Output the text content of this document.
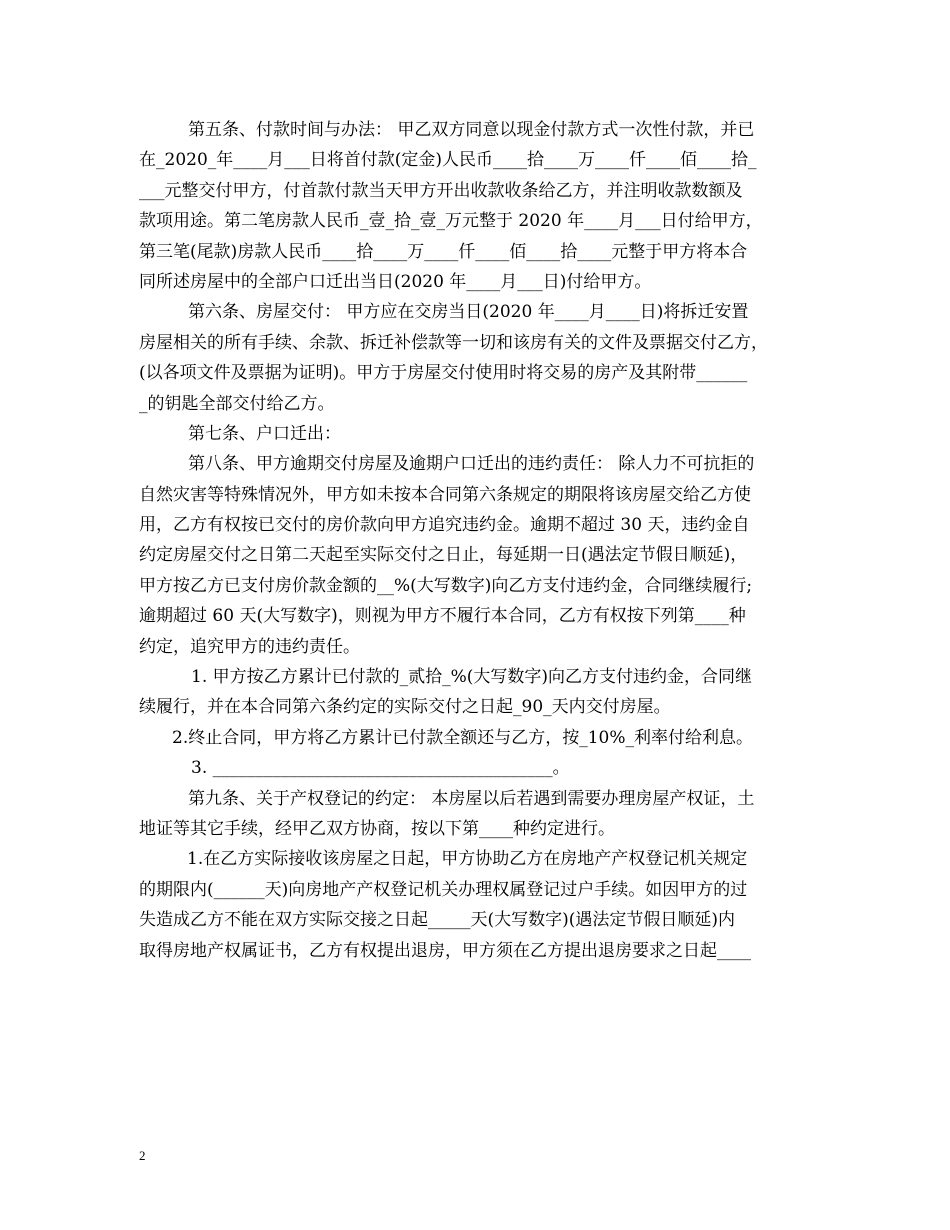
第五条、付款时间与办法： 甲乙双方同意以现金付款方式一次性付款，并已
在_2020_年____月___日将首付款(定金)人民币____拾____万____仟____佰____拾_
___元整交付甲方，付首款付款当天甲方开出收款收条给乙方，并注明收款数额及
款项用途。第二笔房款人民币_壹_拾_壹_万元整于 2020 年____月___日付给甲方，
第三笔(尾款)房款人民币____拾____万____仟____佰____拾____元整于甲方将本合
同所述房屋中的全部户口迁出当日(2020 年____月___日)付给甲方。

第六条、房屋交付： 甲方应在交房当日(2020 年____月____日)将拆迁安置
房屋相关的所有手续、余款、拆迁补偿款等一切和该房有关的文件及票据交付乙方，
(以各项文件及票据为证明)。甲方于房屋交付使用时将交易的房产及其附带______
_的钥匙全部交付给乙方。

第七条、户口迁出：

第八条、甲方逾期交付房屋及逾期户口迁出的违约责任： 除人力不可抗拒的
自然灾害等特殊情况外，甲方如未按本合同第六条规定的期限将该房屋交给乙方使
用，乙方有权按已交付的房价款向甲方追究违约金。逾期不超过 30 天，违约金自
约定房屋交付之日第二天起至实际交付之日止，每延期一日(遇法定节假日顺延)，
甲方按乙方已支付房价款金额的__%(大写数字)向乙方支付违约金，合同继续履行;
逾期超过 60 天(大写数字)，则视为甲方不履行本合同，乙方有权按下列第____种
约定，追究甲方的违约责任。

1. 甲方按乙方累计已付款的_贰拾_%(大写数字)向乙方支付违约金，合同继
续履行，并在本合同第六条约定的实际交付之日起_90_天内交付房屋。

2.终止合同，甲方将乙方累计已付款全额还与乙方，按_10%_利率付给利息。

3. ________________________________________。

第九条、关于产权登记的约定： 本房屋以后若遇到需要办理房屋产权证，土
地证等其它手续，经甲乙双方协商，按以下第____种约定进行。

1.在乙方实际接收该房屋之日起，甲方协助乙方在房地产产权登记机关规定
的期限内(______天)向房地产产权登记机关办理权属登记过户手续。如因甲方的过
失造成乙方不能在双方实际交接之日起_____天(大写数字)(遇法定节假日顺延)内
取得房地产权属证书，乙方有权提出退房，甲方须在乙方提出退房要求之日起____

2
